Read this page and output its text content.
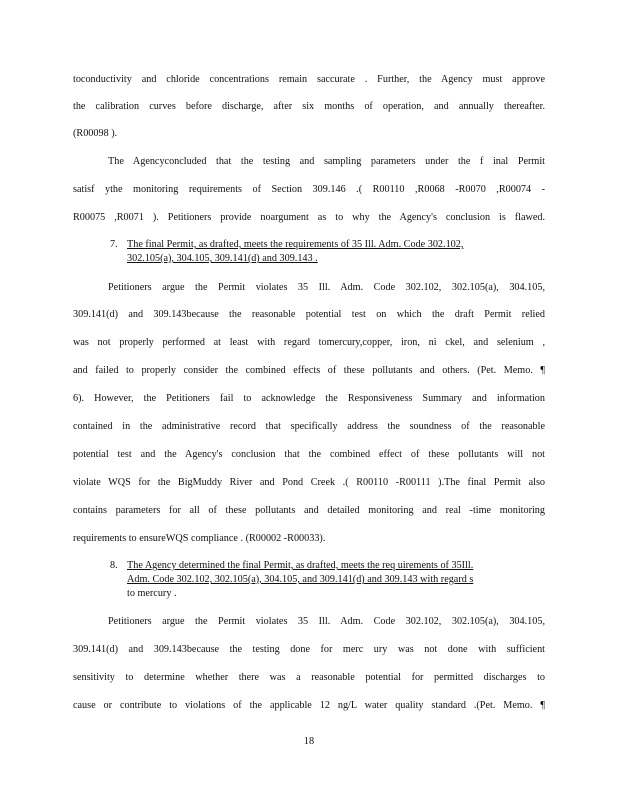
toconductivity and chloride concentrations remain saccurate . Further, the Agency must approve
the calibration curves before discharge, after six months of operation, and annually thereafter.
(R00098 ).
The Agencyconcluded that the testing and sampling parameters under the f inal Permit
satisf ythe monitoring requirements of Section 309.146 .( R00110 ,R0068 -R0070 ,R00074 -
R00075 ,R0071 ). Petitioners provide noargument as to why the Agency's conclusion is flawed.
7. The final Permit, as drafted, meets the requirements of 35 Ill. Adm. Code 302.102,
302.105(a), 304.105, 309.141(d) and 309.143 .
Petitioners argue the Permit violates 35 Ill. Adm. Code 302.102, 302.105(a), 304.105,
309.141(d) and 309.143because the reasonable potential test on which the draft Permit relied
was not properly performed at least with regard tomercury,copper, iron, ni ckel, and selenium ,
and failed to properly consider the combined effects of these pollutants and others. (Pet. Memo. ¶
6). However, the Petitioners fail to acknowledge the Responsiveness Summary and information
contained in the administrative record that specifically address the soundness of the reasonable
potential test and the Agency's conclusion that the combined effect of these pollutants will not
violate WQS for the BigMuddy River and Pond Creek .( R00110 -R00111 ).The final Permit also
contains parameters for all of these pollutants and detailed monitoring and real -time monitoring
requirements to ensureWQS compliance . (R00002 -R00033).
8. The Agency determined the final Permit, as drafted, meets the req uirements of 35Ill.
Adm. Code 302.102, 302.105(a), 304.105, and 309.141(d) and 309.143 with regard s
to mercury .
Petitioners argue the Permit violates 35 Ill. Adm. Code 302.102, 302.105(a), 304.105,
309.141(d) and 309.143because the testing done for merc ury was not done with sufficient
sensitivity to determine whether there was a reasonable potential for permitted discharges to
cause or contribute to violations of the applicable 12 ng/L water quality standard .(Pet. Memo. ¶
18
